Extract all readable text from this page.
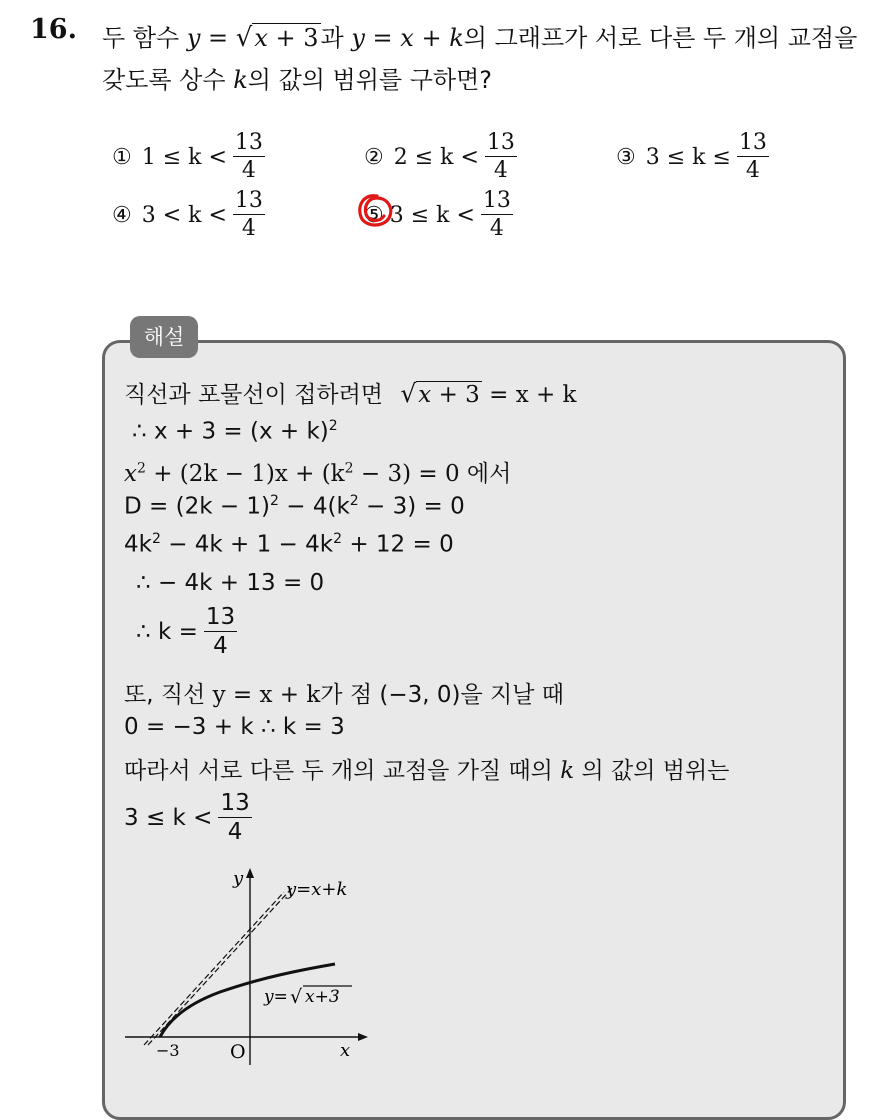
16. 두 함수 y = √x + 3과 y = x + k의 그래프가 서로 다른 두 개의 교점을
갖도록 상수 k의 값의 범위를 구하면?
① $1 \le k < \frac{13}{4}$	② $2 \le k < \frac{13}{4}$	③ $3 \le k \le \frac{13}{4}$
④ $3 < k < \frac{13}{4}$	⑤ $3 \le k < \frac{13}{4}$
해설
직선과 포물선이 접하려면 √x + 3 = x + k
∴ $x + 3 = (x + k)^2$
$x^2 + (2k - 1)x + (k^2 - 3) = 0$ 에서
$D = (2k - 1)^2 - 4(k^2 - 3) = 0$
$4k^2 - 4k + 1 - 4k^2 + 12 = 0$
∴ − 4k + 13 = 0
∴ $k = \frac{13}{4}$
또, 직선 y = x + k가 점 (−3, 0)을 지날 때
0 = −3 + k ∴ k = 3
따라서 서로 다른 두 개의 교점을 가질 때의 k 의 값의 범위는
$3 \le k < \frac{13}{4}$
y
x
O
−3
y=x+k
y= √ x+3
